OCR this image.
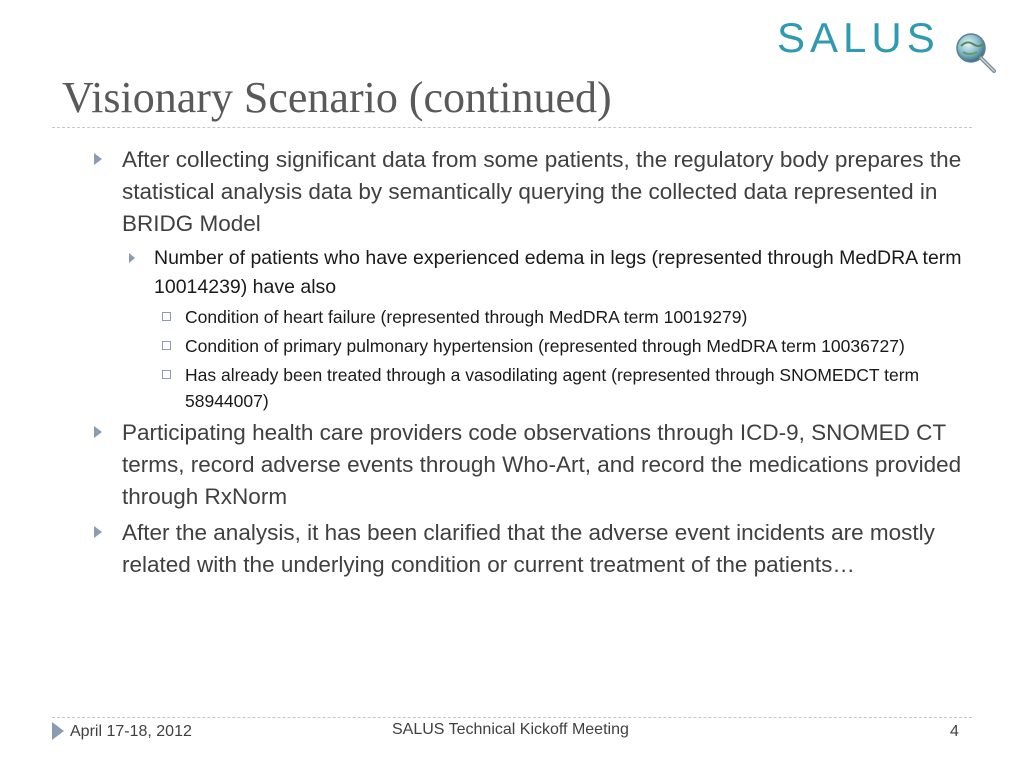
SALUS
Visionary Scenario (continued)
After collecting significant data from some patients, the regulatory body prepares the statistical analysis data by semantically querying the collected data represented in BRIDG Model
Number of patients who have experienced edema in legs (represented through MedDRA term 10014239) have also
Condition of heart failure (represented through MedDRA term 10019279)
Condition of primary pulmonary hypertension (represented through MedDRA term 10036727)
Has already been treated through a vasodilating agent (represented through SNOMEDCT term 58944007)
Participating health care providers code observations through ICD-9, SNOMED CT terms, record adverse events through Who-Art, and record the medications provided through RxNorm
After the analysis, it has been clarified that the adverse event incidents are mostly related with the underlying condition or current treatment of the patients…
April 17-18, 2012	SALUS Technical Kickoff Meeting	4
